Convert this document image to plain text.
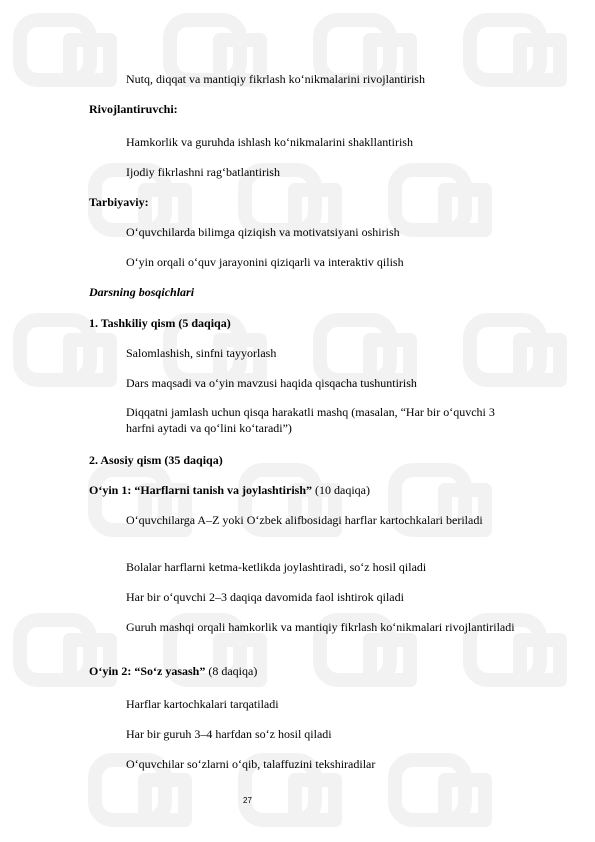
Nutq, diqqat va mantiqiy fikrlash ko‘nikmalarini rivojlantirish
Rivojlantiruvchi:
Hamkorlik va guruhda ishlash ko‘nikmalarini shakllantirish
Ijodiy fikrlashni rag‘batlantirish
Tarbiyaviy:
O‘quvchilarda bilimga qiziqish va motivatsiyani oshirish
O‘yin orqali o‘quv jarayonini qiziqarli va interaktiv qilish
Darsning bosqichlari
1. Tashkiliy qism (5 daqiqa)
Salomlashish, sinfni tayyorlash
Dars maqsadi va o‘yin mavzusi haqida qisqacha tushuntirish
Diqqatni jamlash uchun qisqa harakatli mashq (masalan, “Har bir o‘quvchi 3 harfni aytadi va qo‘lini ko‘taradi”)
2. Asosiy qism (35 daqiqa)
O‘yin 1: “Harflarni tanish va joylashtirish” (10 daqiqa)
O‘quvchilarga A–Z yoki O‘zbek alifbosidagi harflar kartochkalari beriladi
Bolalar harflarni ketma-ketlikda joylashtiradi, so‘z hosil qiladi
Har bir o‘quvchi 2–3 daqiqa davomida faol ishtirok qiladi
Guruh mashqi orqali hamkorlik va mantiqiy fikrlash ko‘nikmalari rivojlantiriladi
O‘yin 2: “So‘z yasash” (8 daqiqa)
Harflar kartochkalari tarqatiladi
Har bir guruh 3–4 harfdan so‘z hosil qiladi
O‘quvchilar so‘zlarni o‘qib, talaffuzini tekshiradilar
27
